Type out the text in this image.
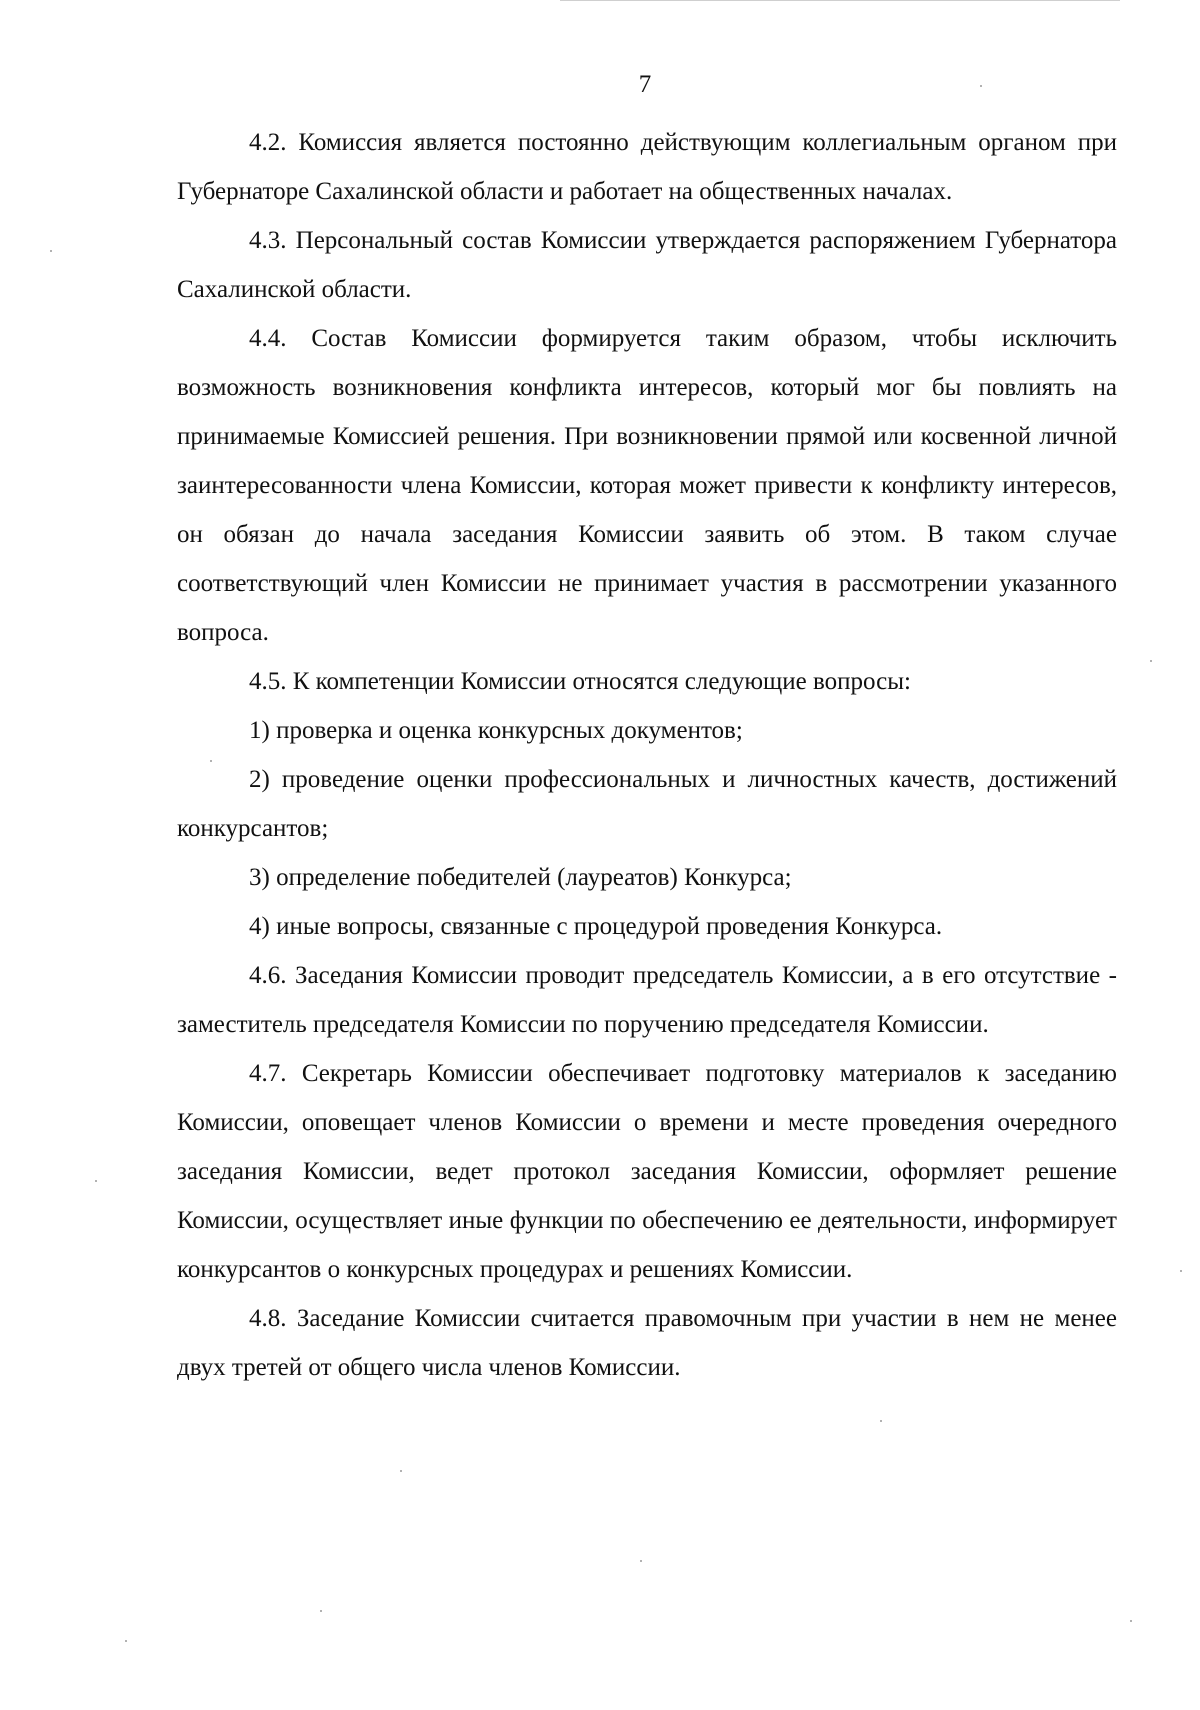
7

4.2. Комиссия является постоянно действующим коллегиальным органом при Губернаторе Сахалинской области и работает на общественных началах.

4.3. Персональный состав Комиссии утверждается распоряжением Губернатора Сахалинской области.

4.4. Состав Комиссии формируется таким образом, чтобы исключить возможность возникновения конфликта интересов, который мог бы повлиять на принимаемые Комиссией решения. При возникновении прямой или косвенной личной заинтересованности члена Комиссии, которая может привести к конфликту интересов, он обязан до начала заседания Комиссии заявить об этом. В таком случае соответствующий член Комиссии не принимает участия в рассмотрении указанного вопроса.

4.5. К компетенции Комиссии относятся следующие вопросы:

1) проверка и оценка конкурсных документов;

2) проведение оценки профессиональных и личностных качеств, достижений конкурсантов;

3) определение победителей (лауреатов) Конкурса;

4) иные вопросы, связанные с процедурой проведения Конкурса.

4.6. Заседания Комиссии проводит председатель Комиссии, а в его отсутствие - заместитель председателя Комиссии по поручению председателя Комиссии.

4.7. Секретарь Комиссии обеспечивает подготовку материалов к заседанию Комиссии, оповещает членов Комиссии о времени и месте проведения очередного заседания Комиссии, ведет протокол заседания Комиссии, оформляет решение Комиссии, осуществляет иные функции по обеспечению ее деятельности, информирует конкурсантов о конкурсных процедурах и решениях Комиссии.

4.8. Заседание Комиссии считается правомочным при участии в нем не менее двух третей от общего числа членов Комиссии.
